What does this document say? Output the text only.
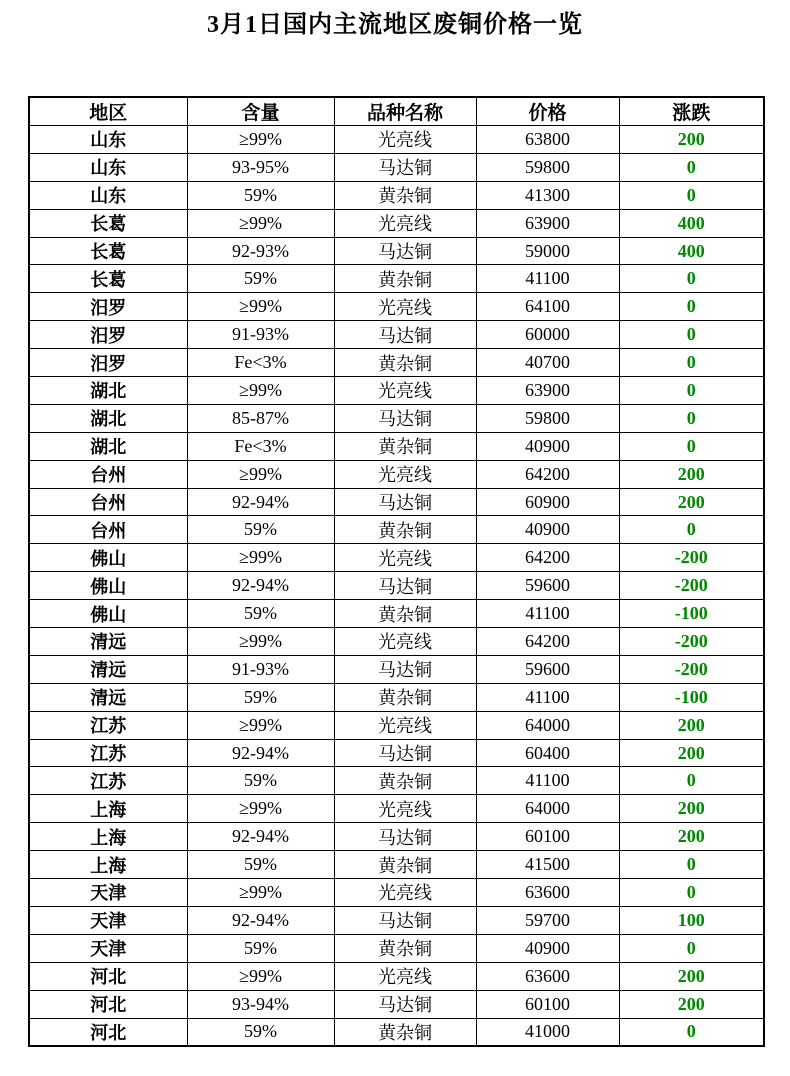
3月1日国内主流地区废铜价格一览
地区	含量	品种名称	价格	涨跌
山东	≥99%	光亮线	63800	200
山东	93-95%	马达铜	59800	0
山东	59%	黄杂铜	41300	0
长葛	≥99%	光亮线	63900	400
长葛	92-93%	马达铜	59000	400
长葛	59%	黄杂铜	41100	0
汨罗	≥99%	光亮线	64100	0
汨罗	91-93%	马达铜	60000	0
汨罗	Fe<3%	黄杂铜	40700	0
湖北	≥99%	光亮线	63900	0
湖北	85-87%	马达铜	59800	0
湖北	Fe<3%	黄杂铜	40900	0
台州	≥99%	光亮线	64200	200
台州	92-94%	马达铜	60900	200
台州	59%	黄杂铜	40900	0
佛山	≥99%	光亮线	64200	-200
佛山	92-94%	马达铜	59600	-200
佛山	59%	黄杂铜	41100	-100
清远	≥99%	光亮线	64200	-200
清远	91-93%	马达铜	59600	-200
清远	59%	黄杂铜	41100	-100
江苏	≥99%	光亮线	64000	200
江苏	92-94%	马达铜	60400	200
江苏	59%	黄杂铜	41100	0
上海	≥99%	光亮线	64000	200
上海	92-94%	马达铜	60100	200
上海	59%	黄杂铜	41500	0
天津	≥99%	光亮线	63600	0
天津	92-94%	马达铜	59700	100
天津	59%	黄杂铜	40900	0
河北	≥99%	光亮线	63600	200
河北	93-94%	马达铜	60100	200
河北	59%	黄杂铜	41000	0
